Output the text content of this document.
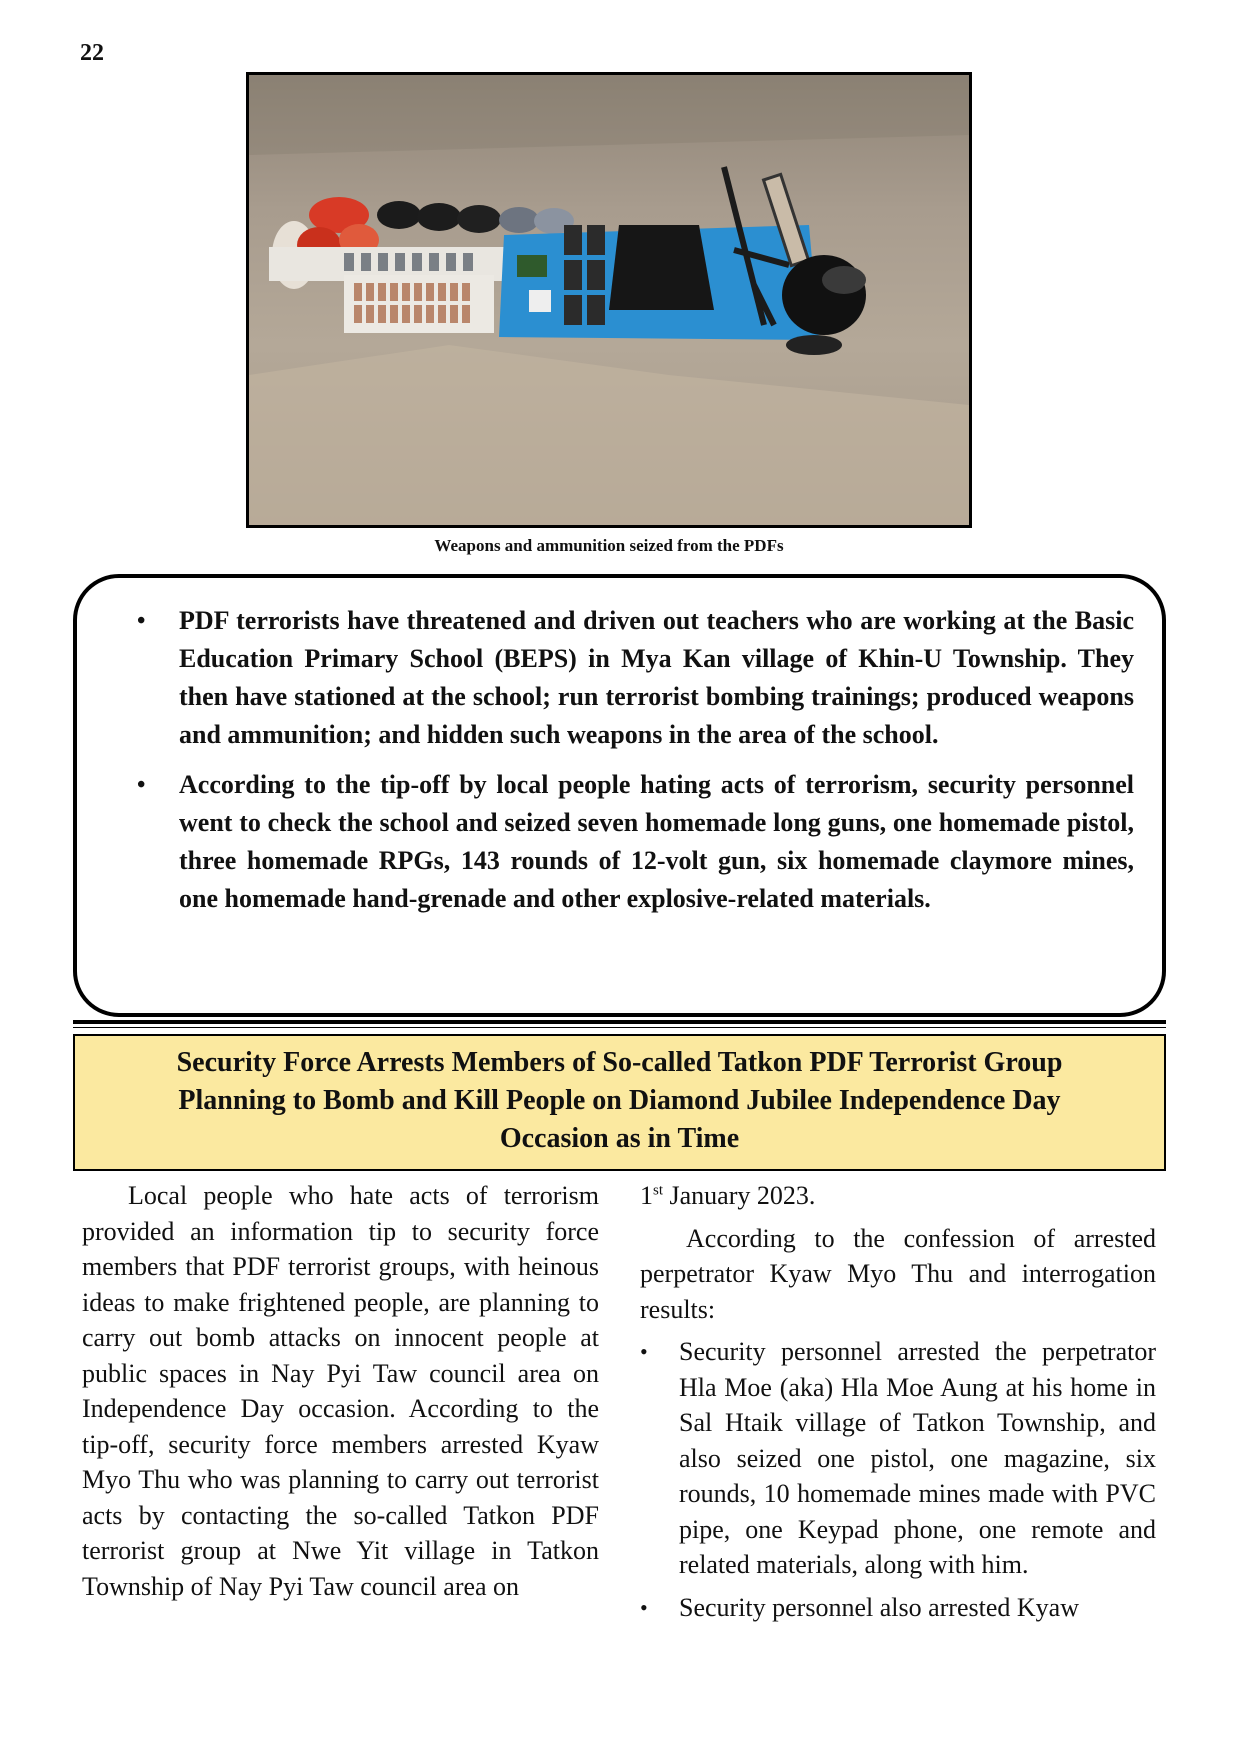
22
Weapons and ammunition seized from the PDFs
• PDF terrorists have threatened and driven out teachers who are working at the Basic Education Primary School (BEPS) in Mya Kan village of Khin-U Township. They then have stationed at the school; run terrorist bombing trainings; produced weapons and ammunition; and hidden such weapons in the area of the school.
• According to the tip-off by local people hating acts of terrorism, security personnel went to check the school and seized seven homemade long guns, one homemade pistol, three homemade RPGs, 143 rounds of 12-volt gun, six homemade claymore mines, one homemade hand-grenade and other explosive-related materials.
Security Force Arrests Members of So-called Tatkon PDF Terrorist Group
Planning to Bomb and Kill People on Diamond Jubilee Independence Day
Occasion as in Time

Local people who hate acts of terrorism provided an information tip to security force members that PDF terrorist groups, with heinous ideas to make frightened people, are planning to carry out bomb attacks on innocent people at public spaces in Nay Pyi Taw council area on Independence Day occasion. According to the tip-off, security force members arrested Kyaw Myo Thu who was planning to carry out terrorist acts by contacting the so-called Tatkon PDF terrorist group at Nwe Yit village in Tatkon Township of Nay Pyi Taw council area on

1st January 2023.

According to the confession of arrested perpetrator Kyaw Myo Thu and interrogation results:

• Security personnel arrested the perpetrator Hla Moe (aka) Hla Moe Aung at his home in Sal Htaik village of Tatkon Township, and also seized one pistol, one magazine, six rounds, 10 homemade mines made with PVC pipe, one Keypad phone, one remote and related materials, along with him.
• Security personnel also arrested Kyaw
